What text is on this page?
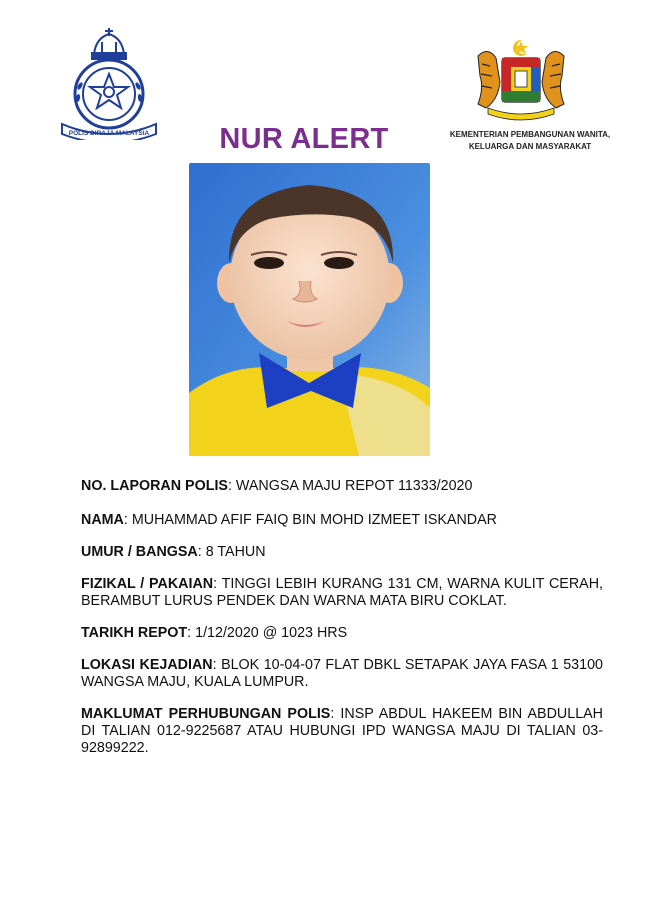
POLIS DIRAJA MALAYSIA	NUR ALERT	KEMENTERIAN PEMBANGUNAN WANITA,
KELUARGA DAN MASYARAKAT
NO. LAPORAN POLIS: WANGSA MAJU REPOT 11333/2020
NAMA: MUHAMMAD AFIF FAIQ BIN MOHD IZMEET ISKANDAR
UMUR / BANGSA: 8 TAHUN
FIZIKAL / PAKAIAN: TINGGI LEBIH KURANG 131 CM, WARNA KULIT CERAH, BERAMBUT LURUS PENDEK DAN WARNA MATA BIRU COKLAT.
TARIKH REPOT: 1/12/2020 @ 1023 HRS
LOKASI KEJADIAN: BLOK 10-04-07 FLAT DBKL SETAPAK JAYA FASA 1 53100 WANGSA MAJU, KUALA LUMPUR.
MAKLUMAT PERHUBUNGAN POLIS: INSP ABDUL HAKEEM BIN ABDULLAH DI TALIAN 012-9225687 ATAU HUBUNGI IPD WANGSA MAJU DI TALIAN 03-92899222.
